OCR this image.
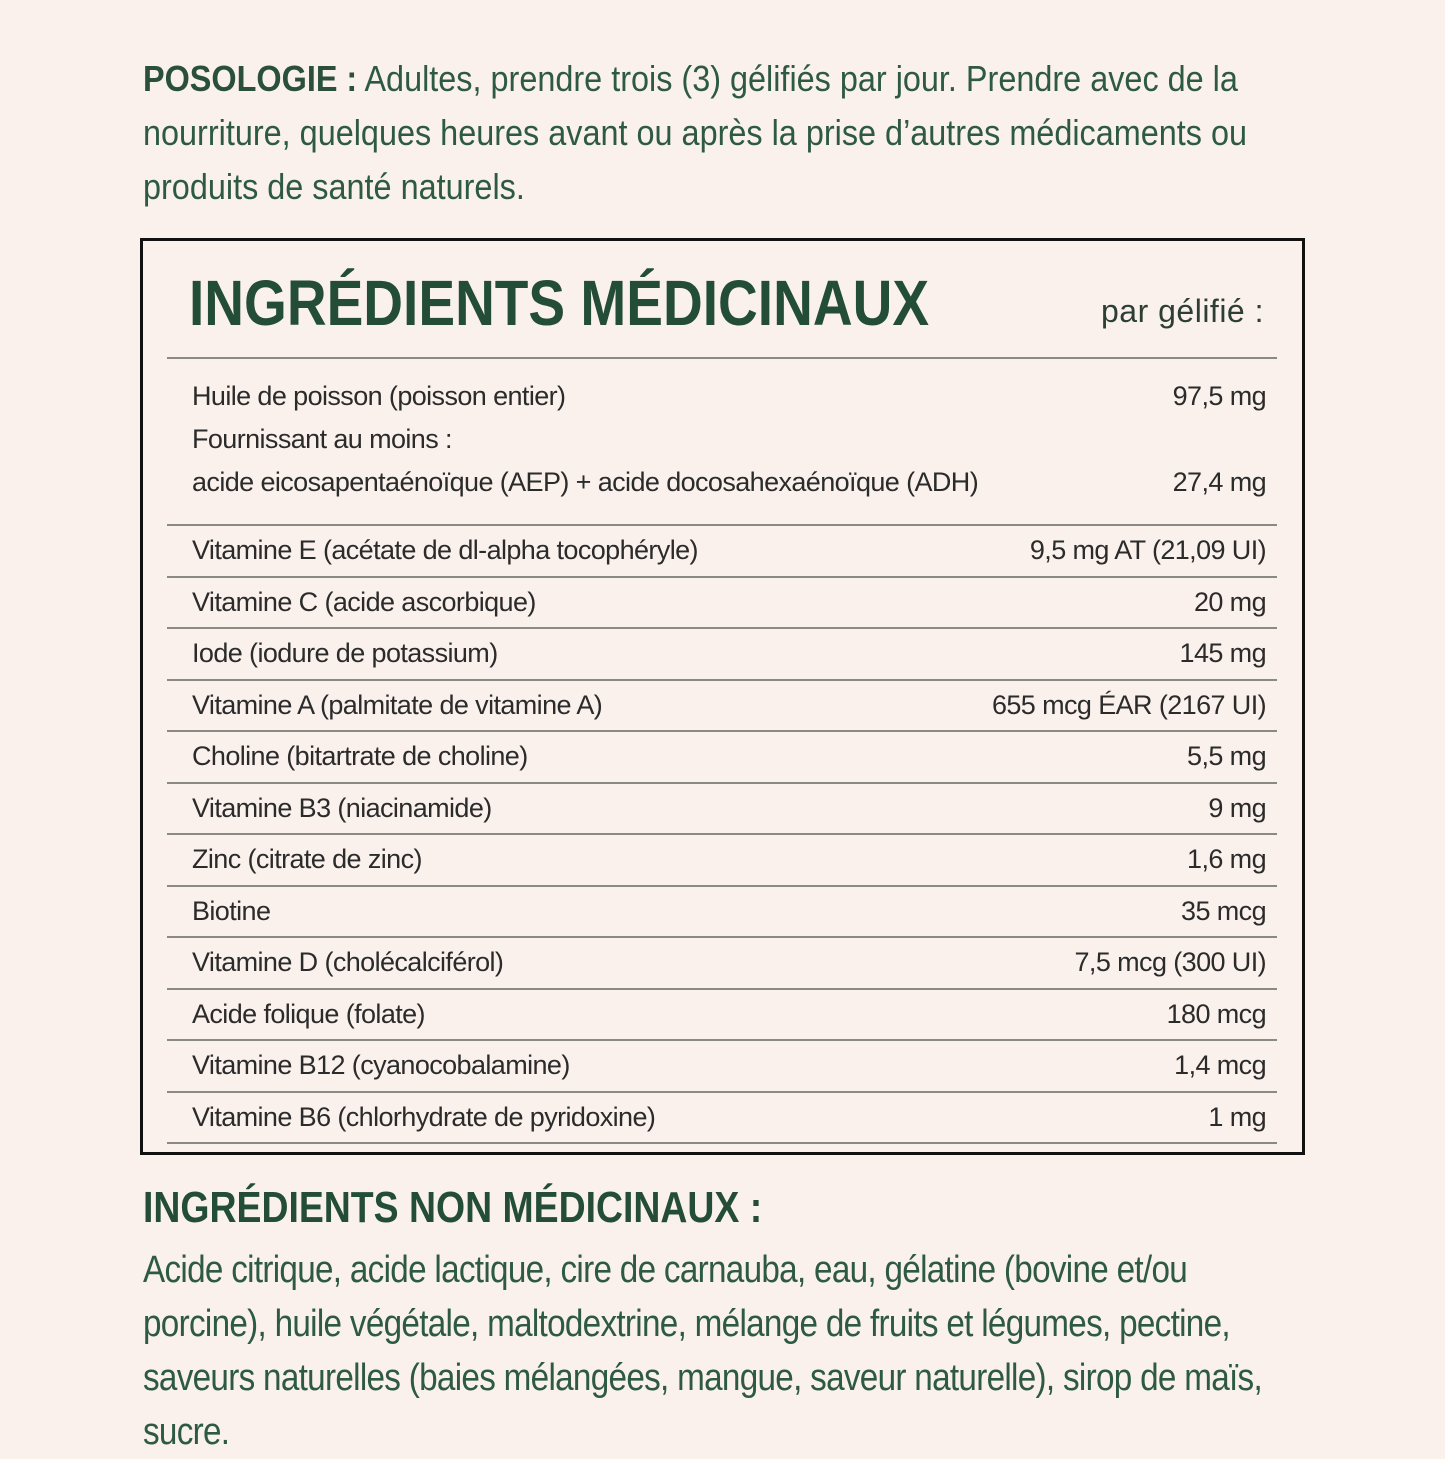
POSOLOGIE : Adultes, prendre trois (3) gélifiés par jour. Prendre avec de la nourriture, quelques heures avant ou après la prise d’autres médicaments ou produits de santé naturels.

INGRÉDIENTS MÉDICINAUX	par gélifié :
Huile de poisson (poisson entier)	97,5 mg
Fournissant au moins :
acide eicosapentaénoïque (AEP) + acide docosahexaénoïque (ADH)	27,4 mg
Vitamine E (acétate de dl-alpha tocophéryle)	9,5 mg AT (21,09 UI)
Vitamine C (acide ascorbique)	20 mg
Iode (iodure de potassium)	145 mg
Vitamine A (palmitate de vitamine A)	655 mcg ÉAR (2167 UI)
Choline (bitartrate de choline)	5,5 mg
Vitamine B3 (niacinamide)	9 mg
Zinc (citrate de zinc)	1,6 mg
Biotine	35 mcg
Vitamine D (cholécalciférol)	7,5 mcg (300 UI)
Acide folique (folate)	180 mcg
Vitamine B12 (cyanocobalamine)	1,4 mcg
Vitamine B6 (chlorhydrate de pyridoxine)	1 mg
INGRÉDIENTS NON MÉDICINAUX :

Acide citrique, acide lactique, cire de carnauba, eau, gélatine (bovine et/ou porcine), huile végétale, maltodextrine, mélange de fruits et légumes, pectine, saveurs naturelles (baies mélangées, mangue, saveur naturelle), sirop de maïs, sucre.
